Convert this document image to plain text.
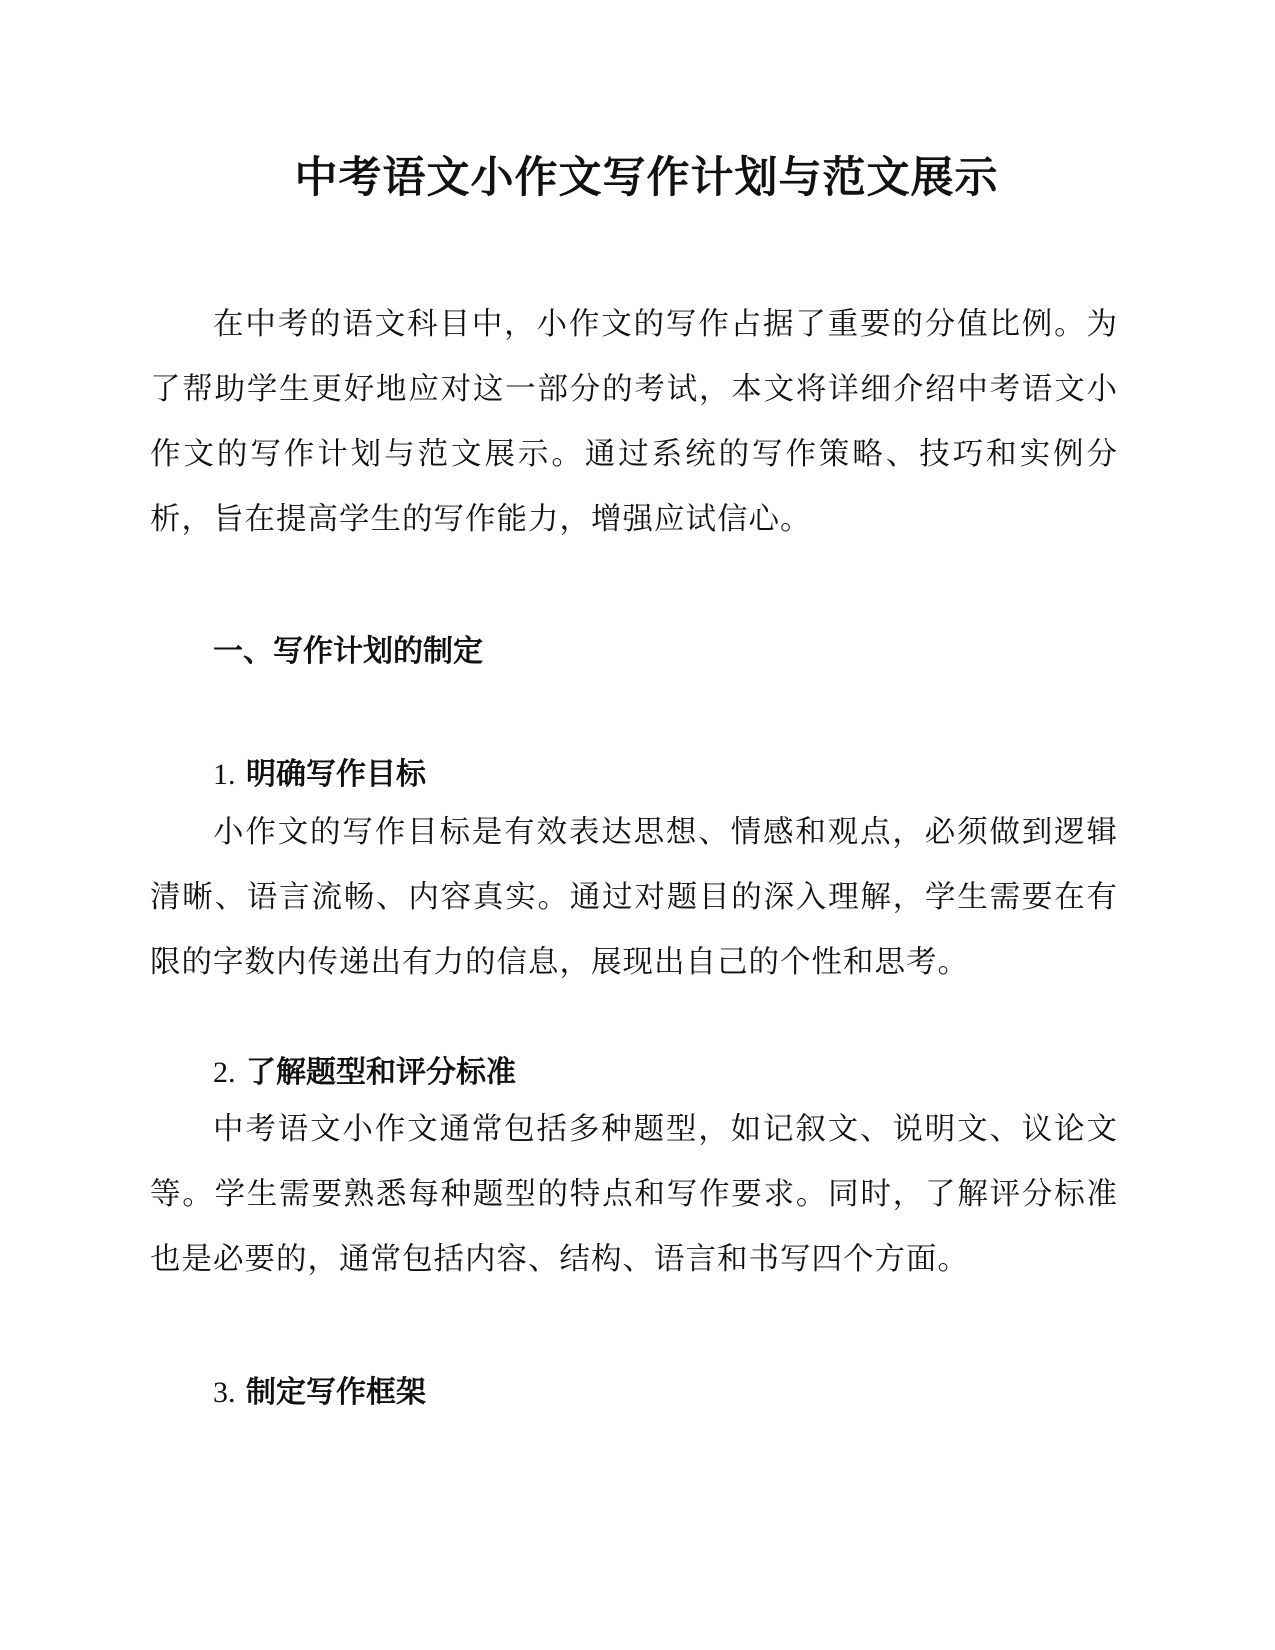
中考语文小作文写作计划与范文展示

在中考的语文科目中，小作文的写作占据了重要的分值比例。为了帮助学生更好地应对这一部分的考试，本文将详细介绍中考语文小作文的写作计划与范文展示。通过系统的写作策略、技巧和实例分析，旨在提高学生的写作能力，增强应试信心。

一、写作计划的制定
1. 明确写作目标

小作文的写作目标是有效表达思想、情感和观点，必须做到逻辑清晰、语言流畅、内容真实。通过对题目的深入理解，学生需要在有限的字数内传递出有力的信息，展现出自己的个性和思考。

2. 了解题型和评分标准

中考语文小作文通常包括多种题型，如记叙文、说明文、议论文等。学生需要熟悉每种题型的特点和写作要求。同时，了解评分标准也是必要的，通常包括内容、结构、语言和书写四个方面。

3. 制定写作框架
